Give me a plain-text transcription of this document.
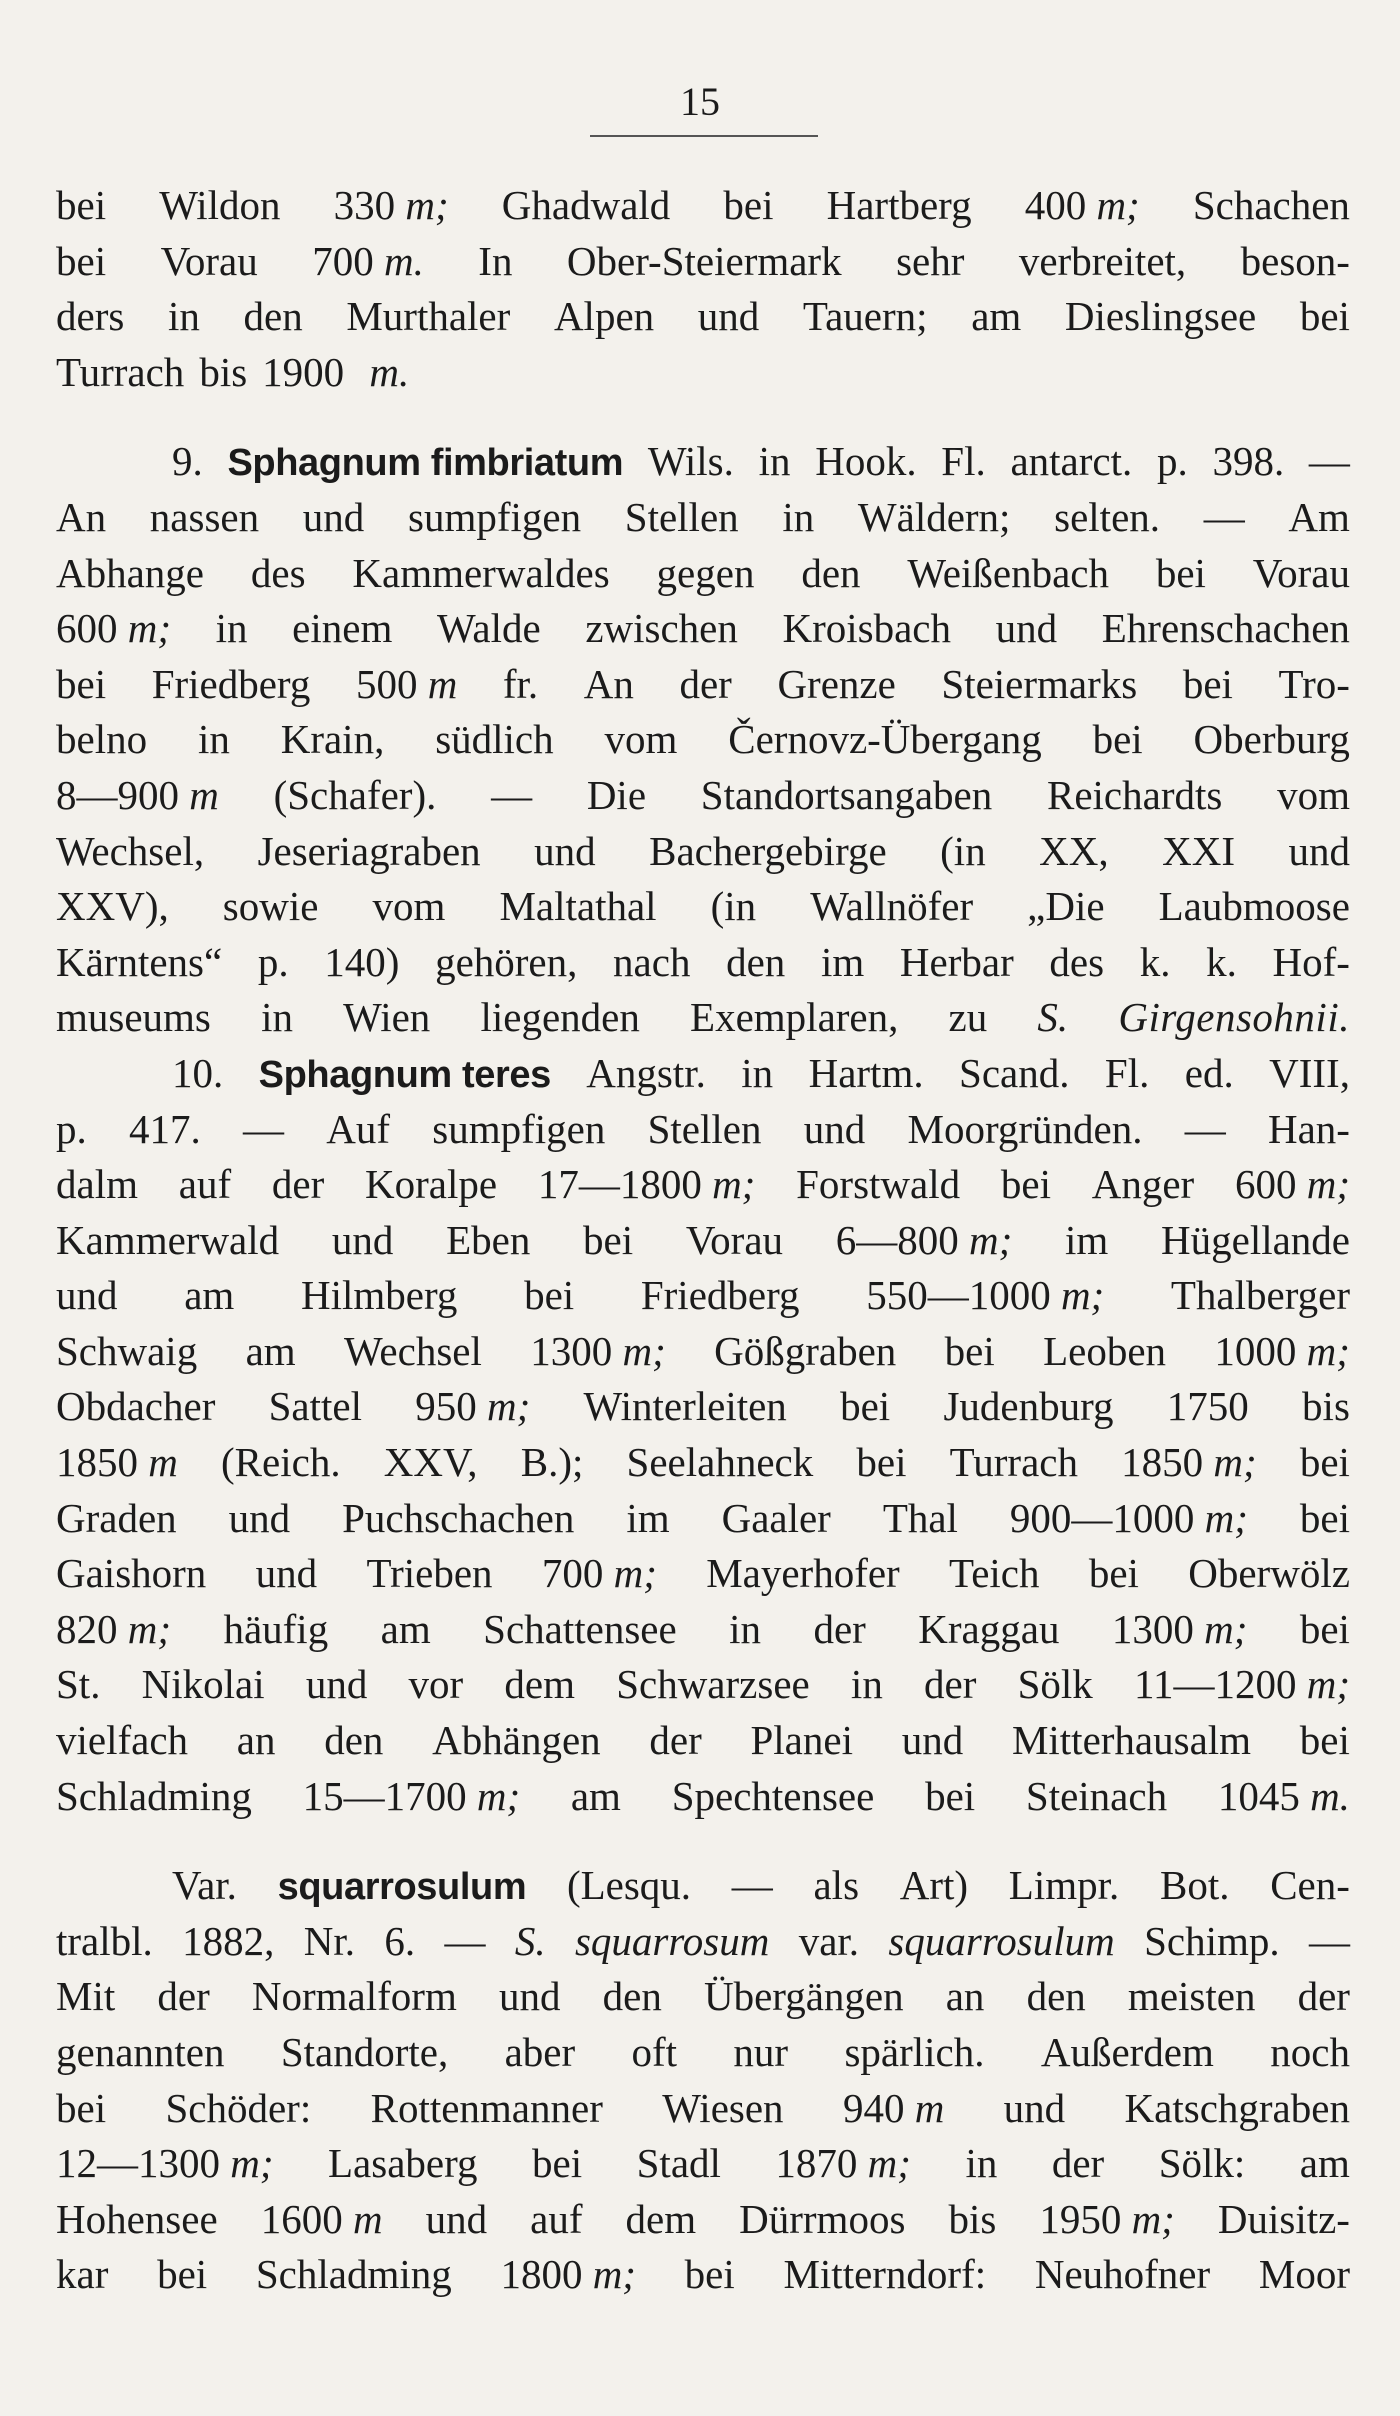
15
bei Wildon 330 m; Ghadwald bei Hartberg 400 m; Schachen
bei Vorau 700 m. In Ober-Steiermark sehr verbreitet, beson-
ders in den Murthaler Alpen und Tauern; am Dieslingsee bei
Turrach bis 1900 m.
9. Sphagnum fimbriatum Wils. in Hook. Fl. antarct. p. 398. —
An nassen und sumpfigen Stellen in Wäldern; selten. — Am
Abhange des Kammerwaldes gegen den Weißenbach bei Vorau
600 m; in einem Walde zwischen Kroisbach und Ehrenschachen
bei Friedberg 500 m fr. An der Grenze Steiermarks bei Tro-
belno in Krain, südlich vom Černovz-Übergang bei Oberburg
8—900 m (Schafer). — Die Standortsangaben Reichardts vom
Wechsel, Jeseriagraben und Bachergebirge (in XX, XXI und
XXV), sowie vom Maltathal (in Wallnöfer „Die Laubmoose
Kärntens“ p. 140) gehören, nach den im Herbar des k. k. Hof-
museums in Wien liegenden Exemplaren, zu S. Girgensohnii.
10. Sphagnum teres Angstr. in Hartm. Scand. Fl. ed. VIII,
p. 417. — Auf sumpfigen Stellen und Moorgründen. — Han-
dalm auf der Koralpe 17—1800 m; Forstwald bei Anger 600 m;
Kammerwald und Eben bei Vorau 6—800 m; im Hügellande
und am Hilmberg bei Friedberg 550—1000 m; Thalberger
Schwaig am Wechsel 1300 m; Gößgraben bei Leoben 1000 m;
Obdacher Sattel 950 m; Winterleiten bei Judenburg 1750 bis
1850 m (Reich. XXV, B.); Seelahneck bei Turrach 1850 m; bei
Graden und Puchschachen im Gaaler Thal 900—1000 m; bei
Gaishorn und Trieben 700 m; Mayerhofer Teich bei Oberwölz
820 m; häufig am Schattensee in der Kraggau 1300 m; bei
St. Nikolai und vor dem Schwarzsee in der Sölk 11—1200 m;
vielfach an den Abhängen der Planei und Mitterhausalm bei
Schladming 15—1700 m; am Spechtensee bei Steinach 1045 m.
Var. squarrosulum (Lesqu. — als Art) Limpr. Bot. Cen-
tralbl. 1882, Nr. 6. — S. squarrosum var. squarrosulum Schimp. —
Mit der Normalform und den Übergängen an den meisten der
genannten Standorte, aber oft nur spärlich. Außerdem noch
bei Schöder: Rottenmanner Wiesen 940 m und Katschgraben
12—1300 m; Lasaberg bei Stadl 1870 m; in der Sölk: am
Hohensee 1600 m und auf dem Dürrmoos bis 1950 m; Duisitz-
kar bei Schladming 1800 m; bei Mitterndorf: Neuhofner Moor
